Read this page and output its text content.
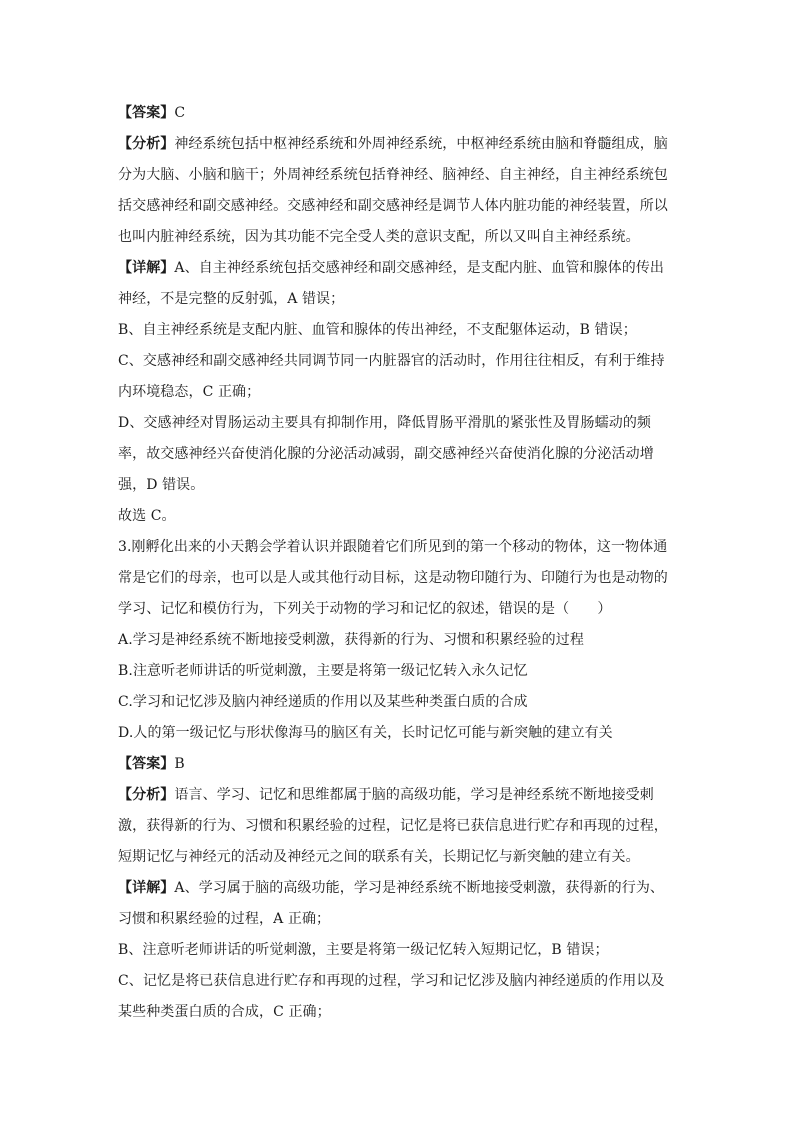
【答案】C
【分析】神经系统包括中枢神经系统和外周神经系统，中枢神经系统由脑和脊髓组成，脑
分为大脑、小脑和脑干；外周神经系统包括脊神经、脑神经、自主神经，自主神经系统包
括交感神经和副交感神经。交感神经和副交感神经是调节人体内脏功能的神经装置，所以
也叫内脏神经系统，因为其功能不完全受人类的意识支配，所以又叫自主神经系统。
【详解】A、自主神经系统包括交感神经和副交感神经，是支配内脏、血管和腺体的传出
神经，不是完整的反射弧，A 错误；
B、自主神经系统是支配内脏、血管和腺体的传出神经，不支配躯体运动，B 错误；
C、交感神经和副交感神经共同调节同一内脏器官的活动时，作用往往相反，有利于维持
内环境稳态，C 正确；
D、交感神经对胃肠运动主要具有抑制作用，降低胃肠平滑肌的紧张性及胃肠蠕动的频
率，故交感神经兴奋使消化腺的分泌活动减弱，副交感神经兴奋使消化腺的分泌活动增
强，D 错误。
故选 C。
3.刚孵化出来的小天鹅会学着认识并跟随着它们所见到的第一个移动的物体，这一物体通
常是它们的母亲，也可以是人或其他行动目标，这是动物印随行为、印随行为也是动物的
学习、记忆和模仿行为，下列关于动物的学习和记忆的叙述，错误的是（　　）
A.学习是神经系统不断地接受刺激，获得新的行为、习惯和积累经验的过程
B.注意听老师讲话的听觉刺激，主要是将第一级记忆转入永久记忆
C.学习和记忆涉及脑内神经递质的作用以及某些种类蛋白质的合成
D.人的第一级记忆与形状像海马的脑区有关，长时记忆可能与新突触的建立有关
【答案】B
【分析】语言、学习、记忆和思维都属于脑的高级功能，学习是神经系统不断地接受刺
激，获得新的行为、习惯和积累经验的过程，记忆是将已获信息进行贮存和再现的过程，
短期记忆与神经元的活动及神经元之间的联系有关，长期记忆与新突触的建立有关。
【详解】A、学习属于脑的高级功能，学习是神经系统不断地接受刺激，获得新的行为、
习惯和积累经验的过程，A 正确；
B、注意听老师讲话的听觉刺激，主要是将第一级记忆转入短期记忆，B 错误；
C、记忆是将已获信息进行贮存和再现的过程，学习和记忆涉及脑内神经递质的作用以及
某些种类蛋白质的合成，C 正确；
